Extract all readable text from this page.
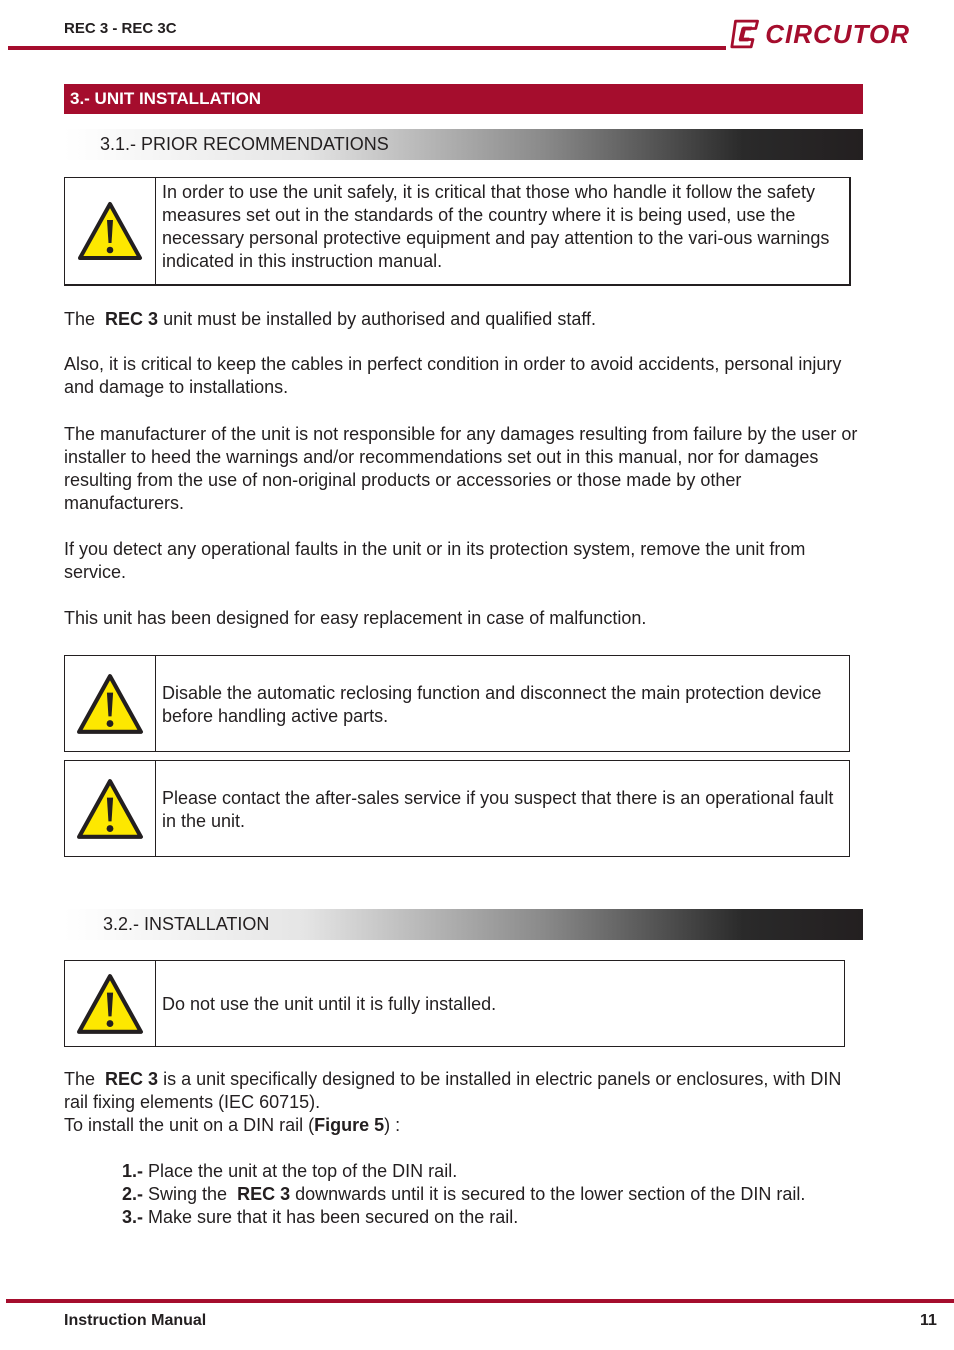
REC 3 - REC 3C	CIRCUTOR
3.- UNIT INSTALLATION
3.1.- PRIOR RECOMMENDATIONS
In order to use the unit safely, it is critical that those who handle it follow the safety measures set out in the standards of the country where it is being used, use the necessary personal protective equipment and pay attention to the vari-ous warnings indicated in this instruction manual.
The  REC 3 unit must be installed by authorised and qualified staff.
Also, it is critical to keep the cables in perfect condition in order to avoid accidents, personal injury and damage to installations.
The manufacturer of the unit is not responsible for any damages resulting from failure by the user or installer to heed the warnings and/or recommendations set out in this manual, nor for damages resulting from the use of non-original products or accessories or those made by other manufacturers.
If you detect any operational faults in the unit or in its protection system, remove the unit from service.
This unit has been designed for easy replacement in case of malfunction.
Disable the automatic reclosing function and disconnect the main protection device before handling active parts.
Please contact the after-sales service if you suspect that there is an operational fault in the unit.
3.2.- INSTALLATION
Do not use the unit until it is fully installed.
The  REC 3 is a unit specifically designed to be installed in electric panels or enclosures, with DIN rail fixing elements (IEC 60715).
To install the unit on a DIN rail (Figure 5) :
1.- Place the unit at the top of the DIN rail.
2.- Swing the  REC 3 downwards until it is secured to the lower section of the DIN rail.
3.- Make sure that it has been secured on the rail.
Instruction Manual	11
